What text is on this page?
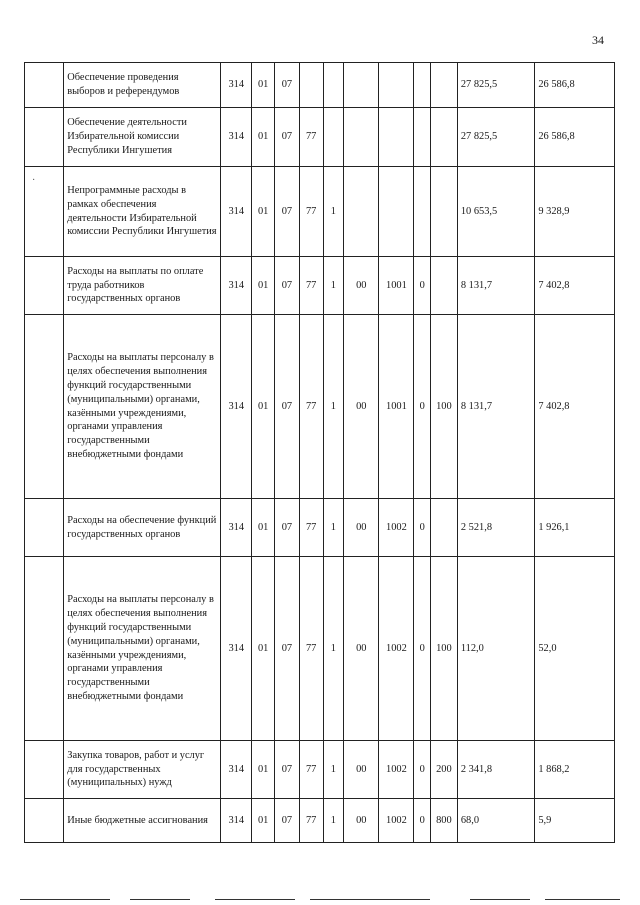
34
·
	Обеспечение проведения выборов и референдумов	314	01	07							27 825,5	26 586,8
	Обеспечение деятельности Избирательной комиссии Республики Ингушетия	314	01	07	77						27 825,5	26 586,8
	Непрограммные расходы в рамках обеспечения деятельности Избирательной комиссии Республики Ингушетия	314	01	07	77	1					10 653,5	9 328,9
	Расходы на выплаты по оплате труда работников государственных органов	314	01	07	77	1	00	1001	0		8 131,7	7 402,8
	Расходы на выплаты персоналу в целях обеспечения выполнения функций государственными (муниципальными) органами, казёнными учреждениями, органами управления государственными внебюджетными фондами	314	01	07	77	1	00	1001	0	100	8 131,7	7 402,8
	Расходы на обеспечение функций государственных органов	314	01	07	77	1	00	1002	0		2 521,8	1 926,1
	Расходы на выплаты персоналу в целях обеспечения выполнения функций государственными (муниципальными) органами, казёнными учреждениями, органами управления государственными внебюджетными фондами	314	01	07	77	1	00	1002	0	100	112,0	52,0
	Закупка товаров, работ и услуг для государственных (муниципальных) нужд	314	01	07	77	1	00	1002	0	200	2 341,8	1 868,2
	Иные бюджетные ассигнования	314	01	07	77	1	00	1002	0	800	68,0	5,9
